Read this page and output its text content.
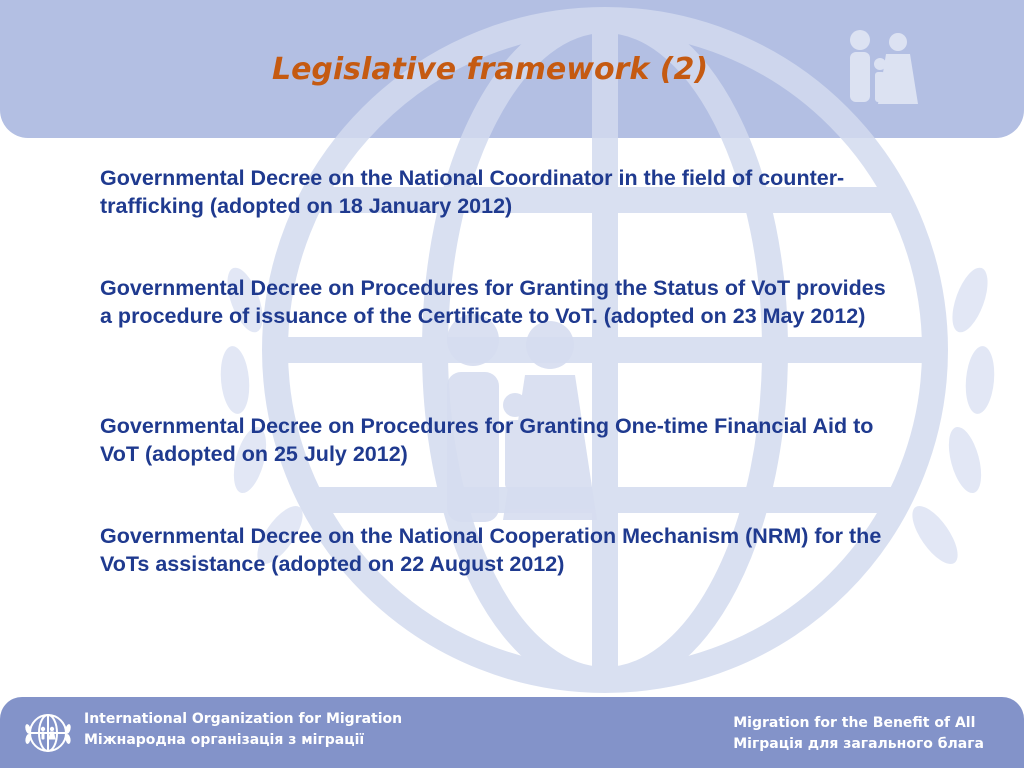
Legislative framework (2)
Governmental Decree on the National Coordinator in the field of counter-trafficking (adopted on 18 January 2012)
Governmental Decree on Procedures for Granting the Status of VoT provides a procedure of issuance of the Certificate to VoT. (adopted on 23 May 2012)
Governmental Decree on Procedures for Granting One-time Financial Aid to VoT (adopted on 25 July 2012)
Governmental Decree on the National Cooperation Mechanism (NRM) for the VoTs assistance (adopted on 22 August 2012)
International Organization for Migration
Міжнародна організація з міграції
Migration for the Benefit of All
Міграція для загального блага
